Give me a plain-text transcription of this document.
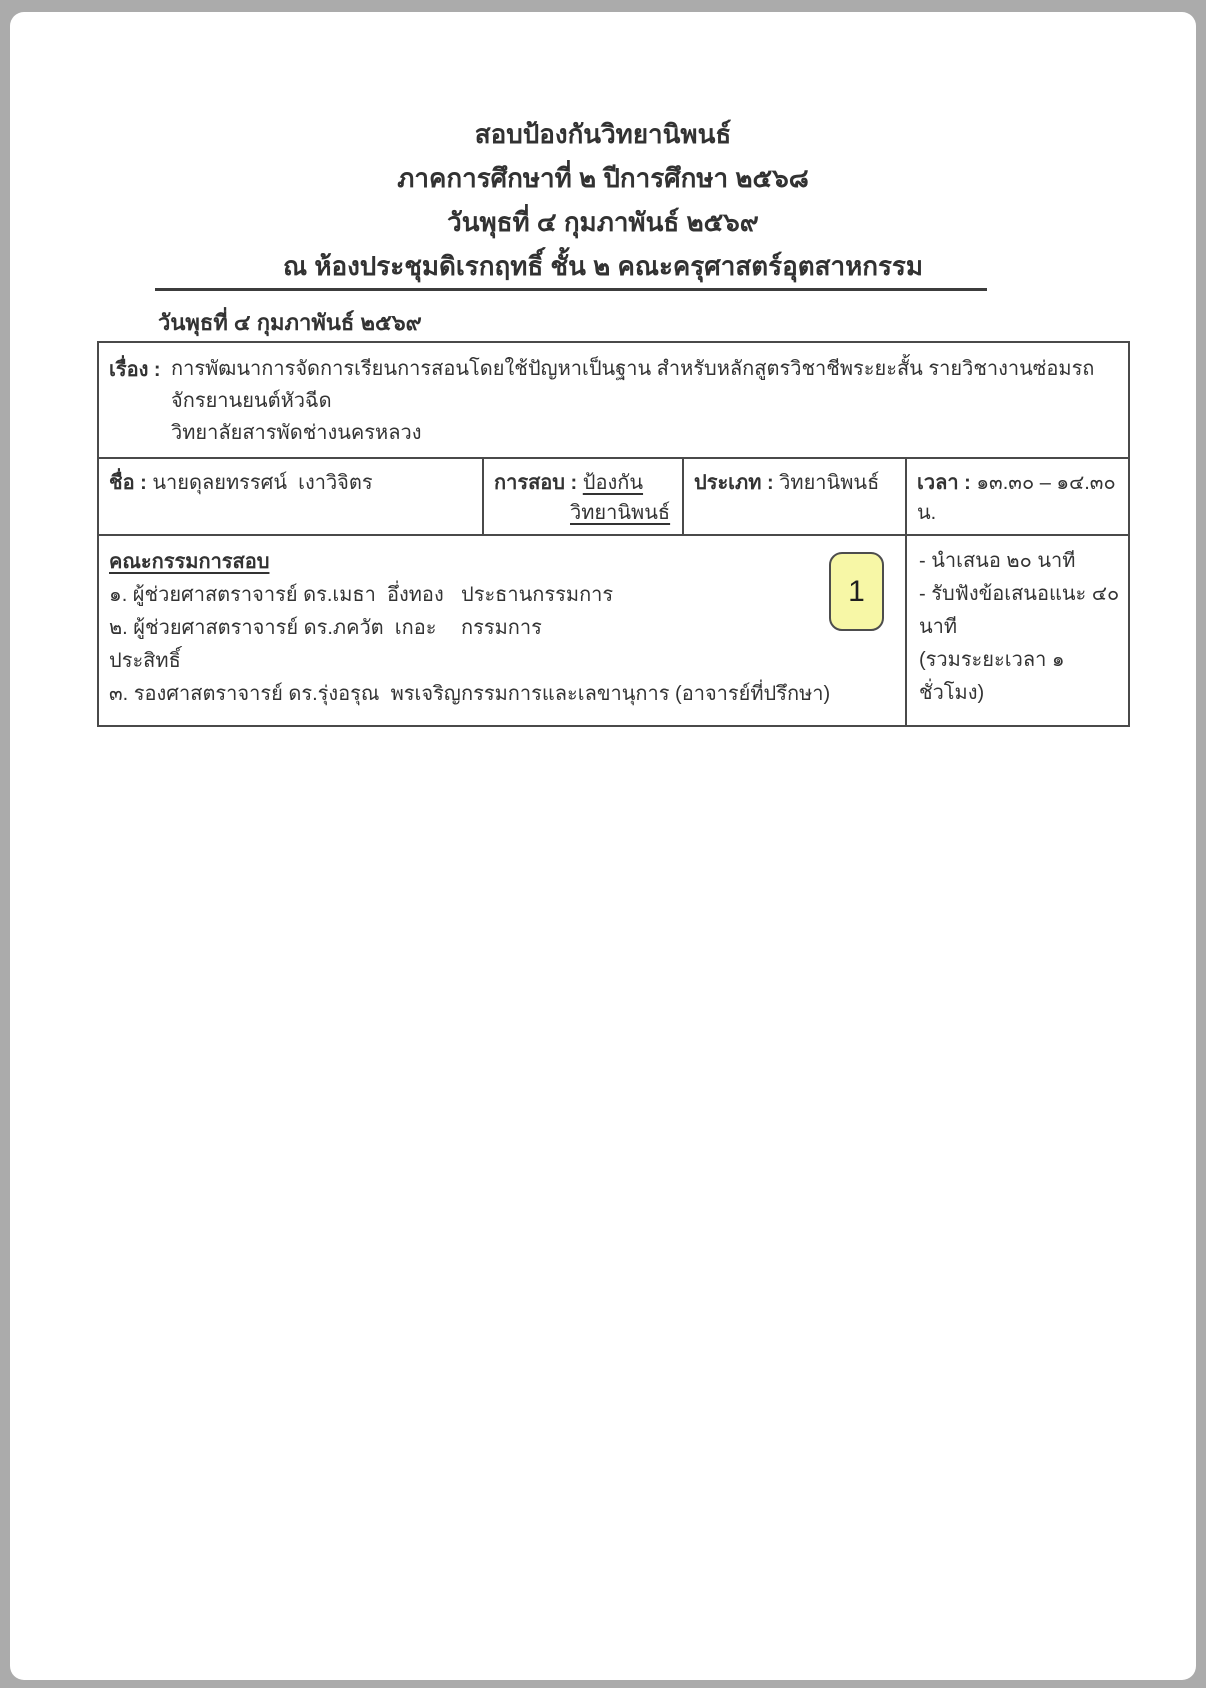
สอบป้องกันวิทยานิพนธ์
ภาคการศึกษาที่ ๒ ปีการศึกษา ๒๕๖๘
วันพุธที่ ๔ กุมภาพันธ์ ๒๕๖๙
ณ ห้องประชุมดิเรกฤทธิ์ ชั้น ๒ คณะครุศาสตร์อุตสาหกรรม
วันพุธที่ ๔ กุมภาพันธ์ ๒๕๖๙
เรื่อง : การพัฒนาการจัดการเรียนการสอนโดยใช้ปัญหาเป็นฐาน สำหรับหลักสูตรวิชาชีพระยะสั้น รายวิชางานซ่อมรถจักรยานยนต์หัวฉีด
วิทยาลัยสารพัดช่างนครหลวง
ชื่อ : นายดุลยทรรศน์  เงาวิจิตร	การสอบ : ป้องกัน
วิทยานิพนธ์
ประเภท : วิทยานิพนธ์	เวลา : ๑๓.๓๐ – ๑๔.๓๐ น.
คณะกรรมการสอบ
๑. ผู้ช่วยศาสตราจารย์ ดร.เมธา  อึ่งทอง ประธานกรรมการ
๒. ผู้ช่วยศาสตราจารย์ ดร.ภควัต  เกอะประสิทธิ์
กรรมการ
๓. รองศาสตราจารย์ ดร.รุ่งอรุณ  พรเจริญ กรรมการและเลขานุการ (อาจารย์ที่ปรึกษา)
1
- นำเสนอ ๒๐ นาที
- รับฟังข้อเสนอแนะ ๔๐ นาที
(รวมระยะเวลา ๑ ชั่วโมง)
